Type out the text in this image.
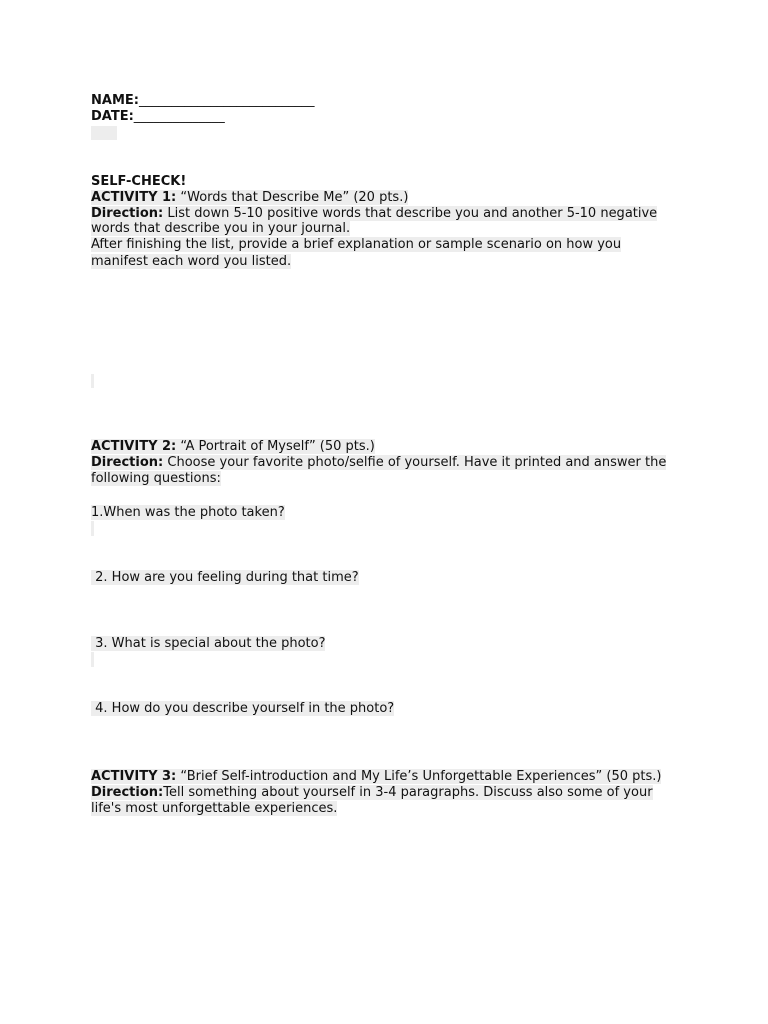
NAME:___________________________
DATE:______________
SELF-CHECK!
ACTIVITY 1: “Words that Describe Me” (20 pts.)
Direction: List down 5-10 positive words that describe you and another 5-10 negative
words that describe you in your journal.
After finishing the list, provide a brief explanation or sample scenario on how you
manifest each word you listed.
ACTIVITY 2: “A Portrait of Myself” (50 pts.)
Direction: Choose your favorite photo/selfie of yourself. Have it printed and answer the
following questions:
1.When was the photo taken?
2. How are you feeling during that time?
3. What is special about the photo?
4. How do you describe yourself in the photo?
ACTIVITY 3: “Brief Self-introduction and My Life’s Unforgettable Experiences” (50 pts.)
Direction:Tell something about yourself in 3-4 paragraphs. Discuss also some of your
life's most unforgettable experiences.
